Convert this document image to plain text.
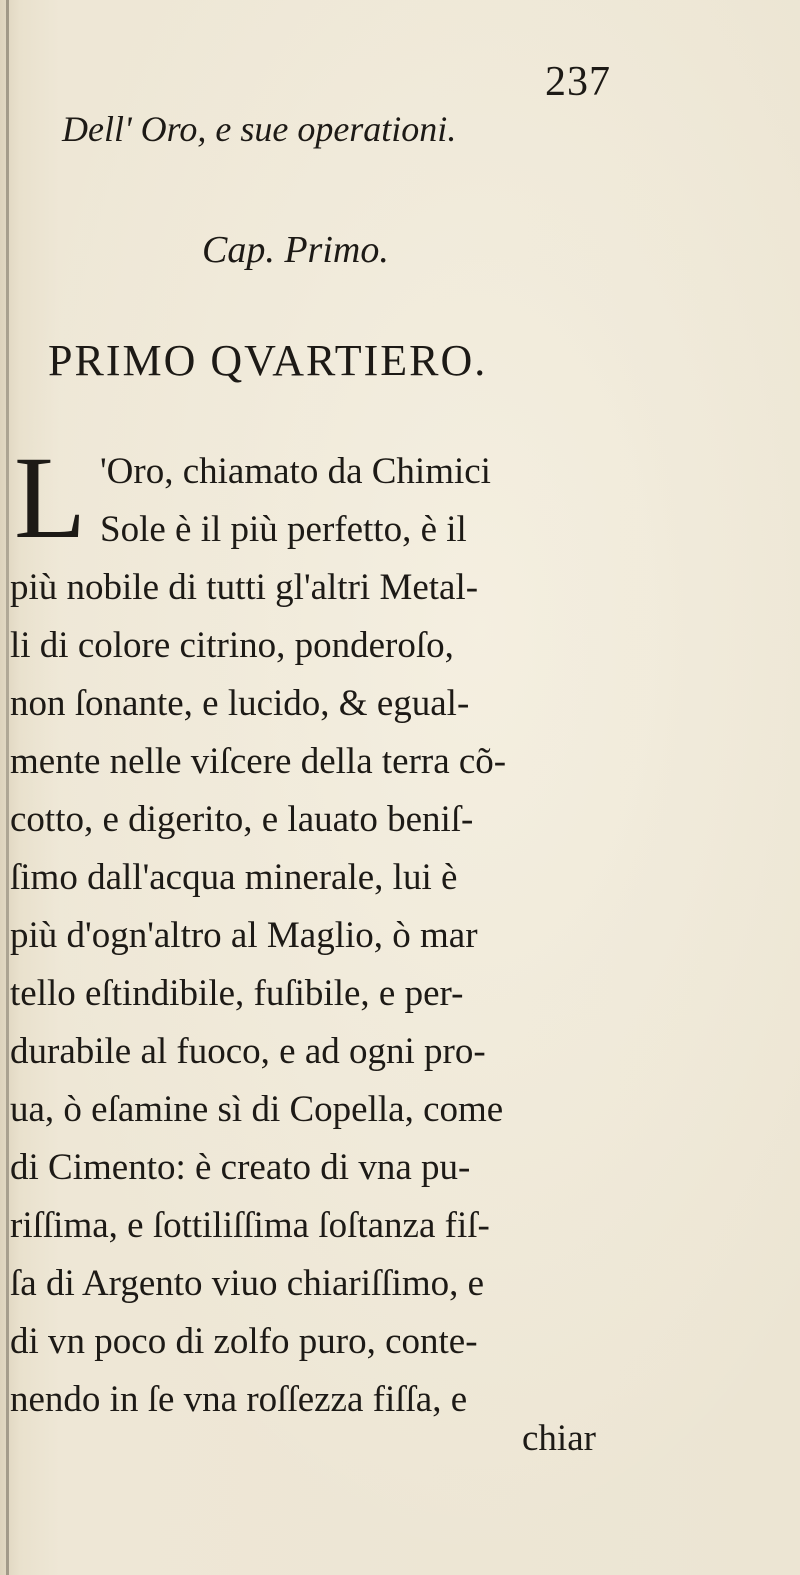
237
Dell' Oro, e sue operationi.
Cap. Primo.
PRIMO QVARTIERO.
L 'Oro, chiamato da Chimici
Sole è il più perfetto, è il
più nobile di tutti gl'altri Metal-
li di colore citrino, ponderoſo,
non ſonante, e lucido, & egual-
mente nelle viſcere della terra cõ-
cotto, e digerito, e lauato beniſ-
ſimo dall'acqua minerale, lui è
più d'ogn'altro al Maglio, ò mar
tello eſtindibile, fuſibile, e per-
durabile al fuoco, e ad ogni pro-
ua, ò eſamine sì di Copella, come
di Cimento: è creato di vna pu-
riſſima, e ſottiliſſima ſoſtanza fiſ-
ſa di Argento viuo chiariſſimo, e
di vn poco di zolfo puro, conte-
nendo in ſe vna roſſezza fiſſa, e
chiar
